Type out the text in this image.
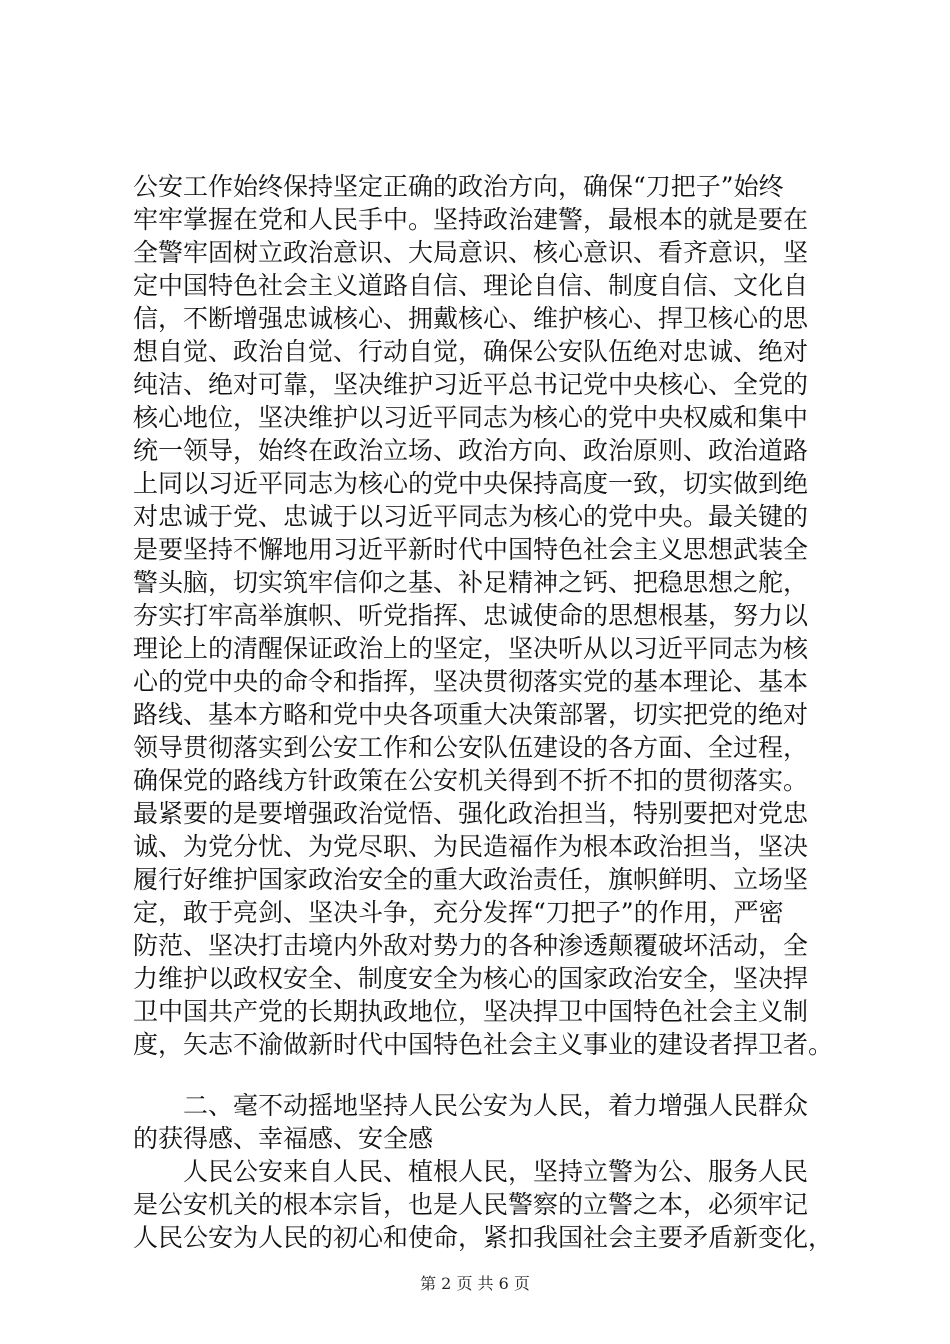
公安工作始终保持坚定正确的政治方向，确保“刀把子”始终
牢牢掌握在党和人民手中。坚持政治建警，最根本的就是要在
全警牢固树立政治意识、大局意识、核心意识、看齐意识，坚
定中国特色社会主义道路自信、理论自信、制度自信、文化自
信，不断增强忠诚核心、拥戴核心、维护核心、捍卫核心的思
想自觉、政治自觉、行动自觉，确保公安队伍绝对忠诚、绝对
纯洁、绝对可靠，坚决维护习近平总书记党中央核心、全党的
核心地位，坚决维护以习近平同志为核心的党中央权威和集中
统一领导，始终在政治立场、政治方向、政治原则、政治道路
上同以习近平同志为核心的党中央保持高度一致，切实做到绝
对忠诚于党、忠诚于以习近平同志为核心的党中央。最关键的
是要坚持不懈地用习近平新时代中国特色社会主义思想武装全
警头脑，切实筑牢信仰之基、补足精神之钙、把稳思想之舵，
夯实打牢高举旗帜、听党指挥、忠诚使命的思想根基，努力以
理论上的清醒保证政治上的坚定，坚决听从以习近平同志为核
心的党中央的命令和指挥，坚决贯彻落实党的基本理论、基本
路线、基本方略和党中央各项重大决策部署，切实把党的绝对
领导贯彻落实到公安工作和公安队伍建设的各方面、全过程，
确保党的路线方针政策在公安机关得到不折不扣的贯彻落实。
最紧要的是要增强政治觉悟、强化政治担当，特别要把对党忠
诚、为党分忧、为党尽职、为民造福作为根本政治担当，坚决
履行好维护国家政治安全的重大政治责任，旗帜鲜明、立场坚
定，敢于亮剑、坚决斗争，充分发挥“刀把子”的作用，严密
防范、坚决打击境内外敌对势力的各种渗透颠覆破坏活动，全
力维护以政权安全、制度安全为核心的国家政治安全，坚决捍
卫中国共产党的长期执政地位，坚决捍卫中国特色社会主义制
度，矢志不渝做新时代中国特色社会主义事业的建设者捍卫者。
　　二、毫不动摇地坚持人民公安为人民，着力增强人民群众
的获得感、幸福感、安全感
　　人民公安来自人民、植根人民，坚持立警为公、服务人民
是公安机关的根本宗旨，也是人民警察的立警之本，必须牢记
人民公安为人民的初心和使命，紧扣我国社会主要矛盾新变化，
第 2 页 共 6 页
